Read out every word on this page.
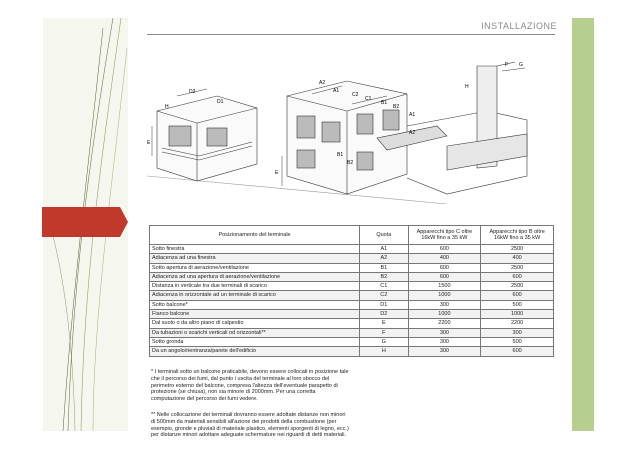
INSTALLAZIONE
D2
D1
H
E
A2
A1
C2
C1
B1
B2
F G
H
E
B1
B2
A1
A2
Posizionamento del terminale	Quota	Apparecchi tipo C oltre 16kW fino a 35 kW	Apparecchi tipo B oltre 16kW fino a 35 kW
Sotto finestra	A1	600	2500
Adiacenza ad una finestra	A2	400	400
Sotto apertura di aerazione/ventilazione	B1	600	2500
Adiacenza ad una apertura di aerazione/ventilazione	B2	600	600
Distanza in verticale tra due terminali di scarico	C1	1500	2500
Adiacenza in orizzontale ad un terminale di scarico	C2	1000	600
Sotto balcone*	D1	300	500
Fianco balcone	D2	1000	1000
Dal suolo o da altro piano di calpestio	E	2200	2200
Da tubazioni o scarichi verticali od orizzontali**	F	300	300
Sotto gronda	G	300	500
Da un angolo/rientranza/parete dell'edificio	H	300	600
* I terminali sotto un balcone praticabile, devono essere collocati in posizione tale che il percorso dei fumi, dal punto i uscita del terminale al loro sbocco del perimetro esterno del balcone, compresa l'altezza dell'eventuale parapetto di protezione (se chiusa), non sia minore di 2000mm. Per una corretta computazione del percorso dei fumi vedere.
** Nelle collocazione dei terminali dovranno essere adottate distanze non minori di 500mm da materiali sensibili all'azione dei prodotti della combustione (per esempio, gronde e pluviali di materiale plastico, elementi sporgenti di legno, ecc.) per distanze minori adottare adeguate schermature nei riguardi di detti materiali.
